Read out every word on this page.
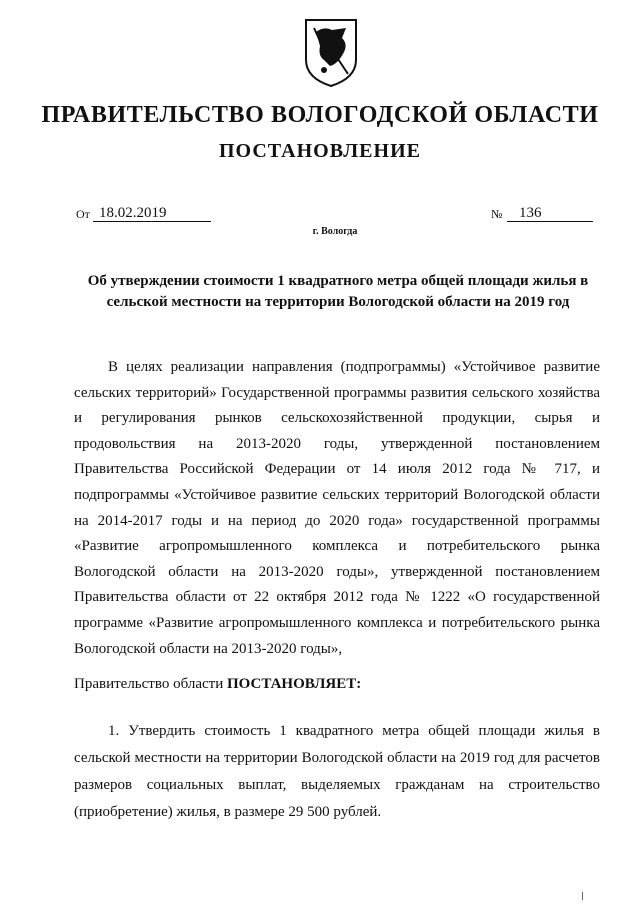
ПРАВИТЕЛЬСТВО ВОЛОГОДСКОЙ ОБЛАСТИ
ПОСТАНОВЛЕНИЕ
От 18.02.2019	№	136
г. Вологда
Об утверждении стоимости 1 квадратного метра общей площади жилья в сельской местности на территории Вологодской области на 2019 год
В целях реализации направления (подпрограммы) «Устойчивое развитие сельских территорий» Государственной программы развития сельского хозяйства и регулирования рынков сельскохозяйственной продукции, сырья и продовольствия на 2013-2020 годы, утвержденной постановлением Правительства Российской Федерации от 14 июля 2012 года № 717, и подпрограммы «Устойчивое развитие сельских территорий Вологодской области на 2014-2017 годы и на период до 2020 года» государственной программы «Развитие агропромышленного комплекса и потребительского рынка Вологодской области на 2013-2020 годы», утвержденной постановлением Правительства области от 22 октября 2012 года № 1222 «О государственной программе «Развитие агропромышленного комплекса и потребительского рынка Вологодской области на 2013-2020 годы»,
Правительство области ПОСТАНОВЛЯЕТ:
1. Утвердить стоимость 1 квадратного метра общей площади жилья в сельской местности на территории Вологодской области на 2019 год для расчетов размеров социальных выплат, выделяемых гражданам на строительство (приобретение) жилья, в размере 29 500 рублей.
